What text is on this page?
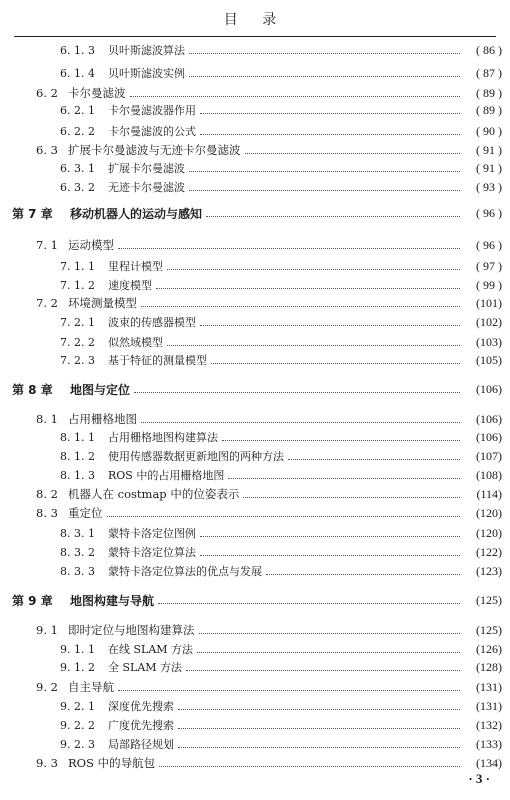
目 录
6. 1. 3	贝叶斯滤波算法	( 86 )
6. 1. 4	贝叶斯滤波实例	( 87 )
6. 2 卡尔曼滤波	( 89 )
6. 2. 1	卡尔曼滤波器作用	( 89 )
6. 2. 2	卡尔曼滤波的公式	( 90 )
6. 3 扩展卡尔曼滤波与无迹卡尔曼滤波	( 91 )
6. 3. 1	扩展卡尔曼滤波	( 91 )
6. 3. 2	无迹卡尔曼滤波	( 93 )
第 7 章	移动机器人的运动与感知	( 96 )
7. 1 运动模型	( 96 )
7. 1. 1	里程计模型	( 97 )
7. 1. 2	速度模型	( 99 )
7. 2 环境测量模型	(101)
7. 2. 1	波束的传感器模型	(102)
7. 2. 2	似然域模型	(103)
7. 2. 3	基于特征的测量模型	(105)
第 8 章	地图与定位	(106)
8. 1 占用栅格地图	(106)
8. 1. 1	占用栅格地图构建算法	(106)
8. 1. 2	使用传感器数据更新地图的两种方法	(107)
8. 1. 3	ROS 中的占用栅格地图	(108)
8. 2 机器人在 costmap 中的位姿表示	(114)
8. 3 重定位	(120)
8. 3. 1	蒙特卡洛定位图例	(120)
8. 3. 2	蒙特卡洛定位算法	(122)
8. 3. 3	蒙特卡洛定位算法的优点与发展	(123)
第 9 章	地图构建与导航	(125)
9. 1 即时定位与地图构建算法	(125)
9. 1. 1	在线 SLAM 方法	(126)
9. 1. 2	全 SLAM 方法	(128)
9. 2 自主导航	(131)
9. 2. 1	深度优先搜索	(131)
9. 2. 2	广度优先搜索	(132)
9. 2. 3	局部路径规划	(133)
9. 3 ROS 中的导航包	(134)
· 3 ·
